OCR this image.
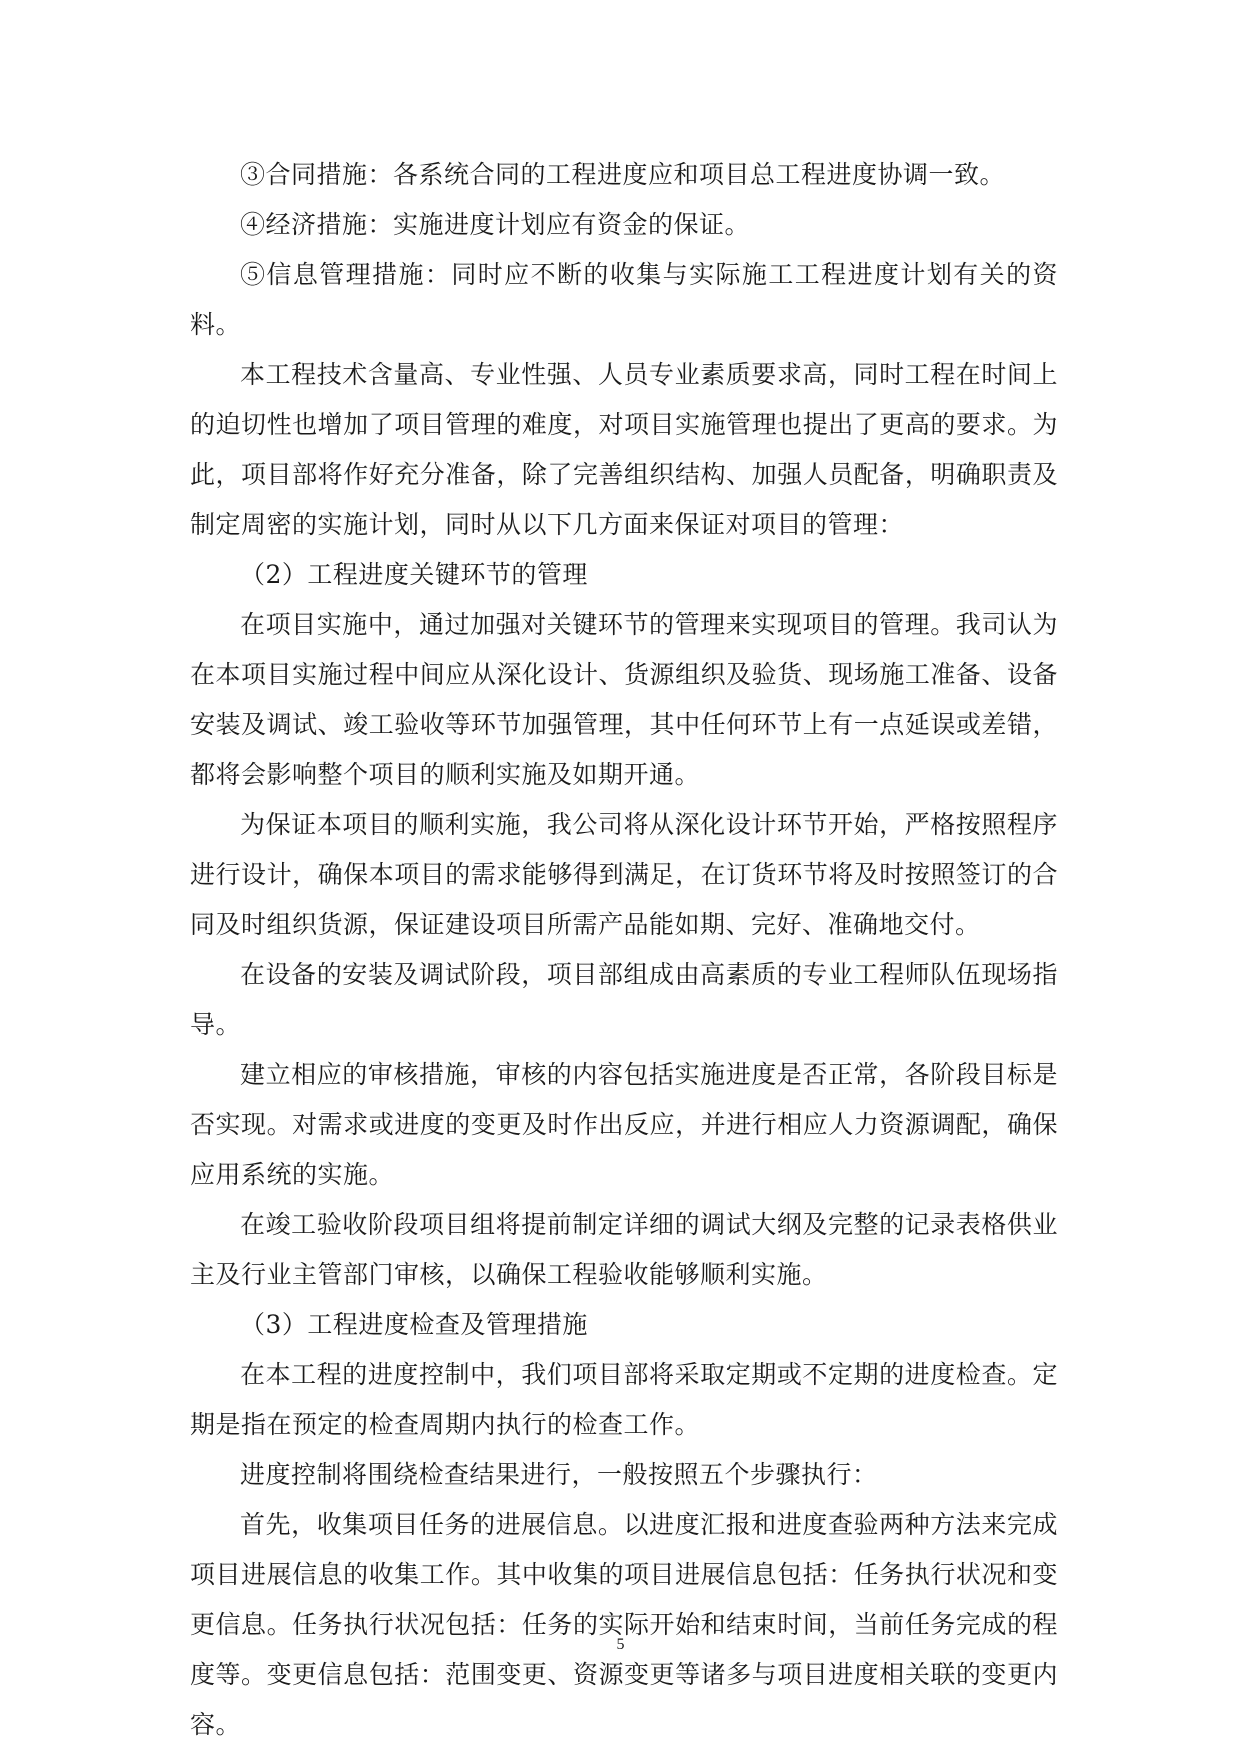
③合同措施：各系统合同的工程进度应和项目总工程进度协调一致。

④经济措施：实施进度计划应有资金的保证。

⑤信息管理措施：同时应不断的收集与实际施工工程进度计划有关的资料。

本工程技术含量高、专业性强、人员专业素质要求高，同时工程在时间上的迫切性也增加了项目管理的难度，对项目实施管理也提出了更高的要求。为此，项目部将作好充分准备，除了完善组织结构、加强人员配备，明确职责及制定周密的实施计划，同时从以下几方面来保证对项目的管理：

（2）工程进度关键环节的管理

在项目实施中，通过加强对关键环节的管理来实现项目的管理。我司认为在本项目实施过程中间应从深化设计、货源组织及验货、现场施工准备、设备安装及调试、竣工验收等环节加强管理，其中任何环节上有一点延误或差错，都将会影响整个项目的顺利实施及如期开通。

为保证本项目的顺利实施，我公司将从深化设计环节开始，严格按照程序进行设计，确保本项目的需求能够得到满足，在订货环节将及时按照签订的合同及时组织货源，保证建设项目所需产品能如期、完好、准确地交付。

在设备的安装及调试阶段，项目部组成由高素质的专业工程师队伍现场指导。

建立相应的审核措施，审核的内容包括实施进度是否正常，各阶段目标是否实现。对需求或进度的变更及时作出反应，并进行相应人力资源调配，确保应用系统的实施。

在竣工验收阶段项目组将提前制定详细的调试大纲及完整的记录表格供业主及行业主管部门审核，以确保工程验收能够顺利实施。

（3）工程进度检查及管理措施

在本工程的进度控制中，我们项目部将采取定期或不定期的进度检查。定期是指在预定的检查周期内执行的检查工作。

进度控制将围绕检查结果进行，一般按照五个步骤执行：

首先，收集项目任务的进展信息。以进度汇报和进度查验两种方法来完成项目进展信息的收集工作。其中收集的项目进展信息包括：任务执行状况和变更信息。任务执行状况包括：任务的实际开始和结束时间，当前任务完成的程度等。变更信息包括：范围变更、资源变更等诸多与项目进度相关联的变更内容。

5
